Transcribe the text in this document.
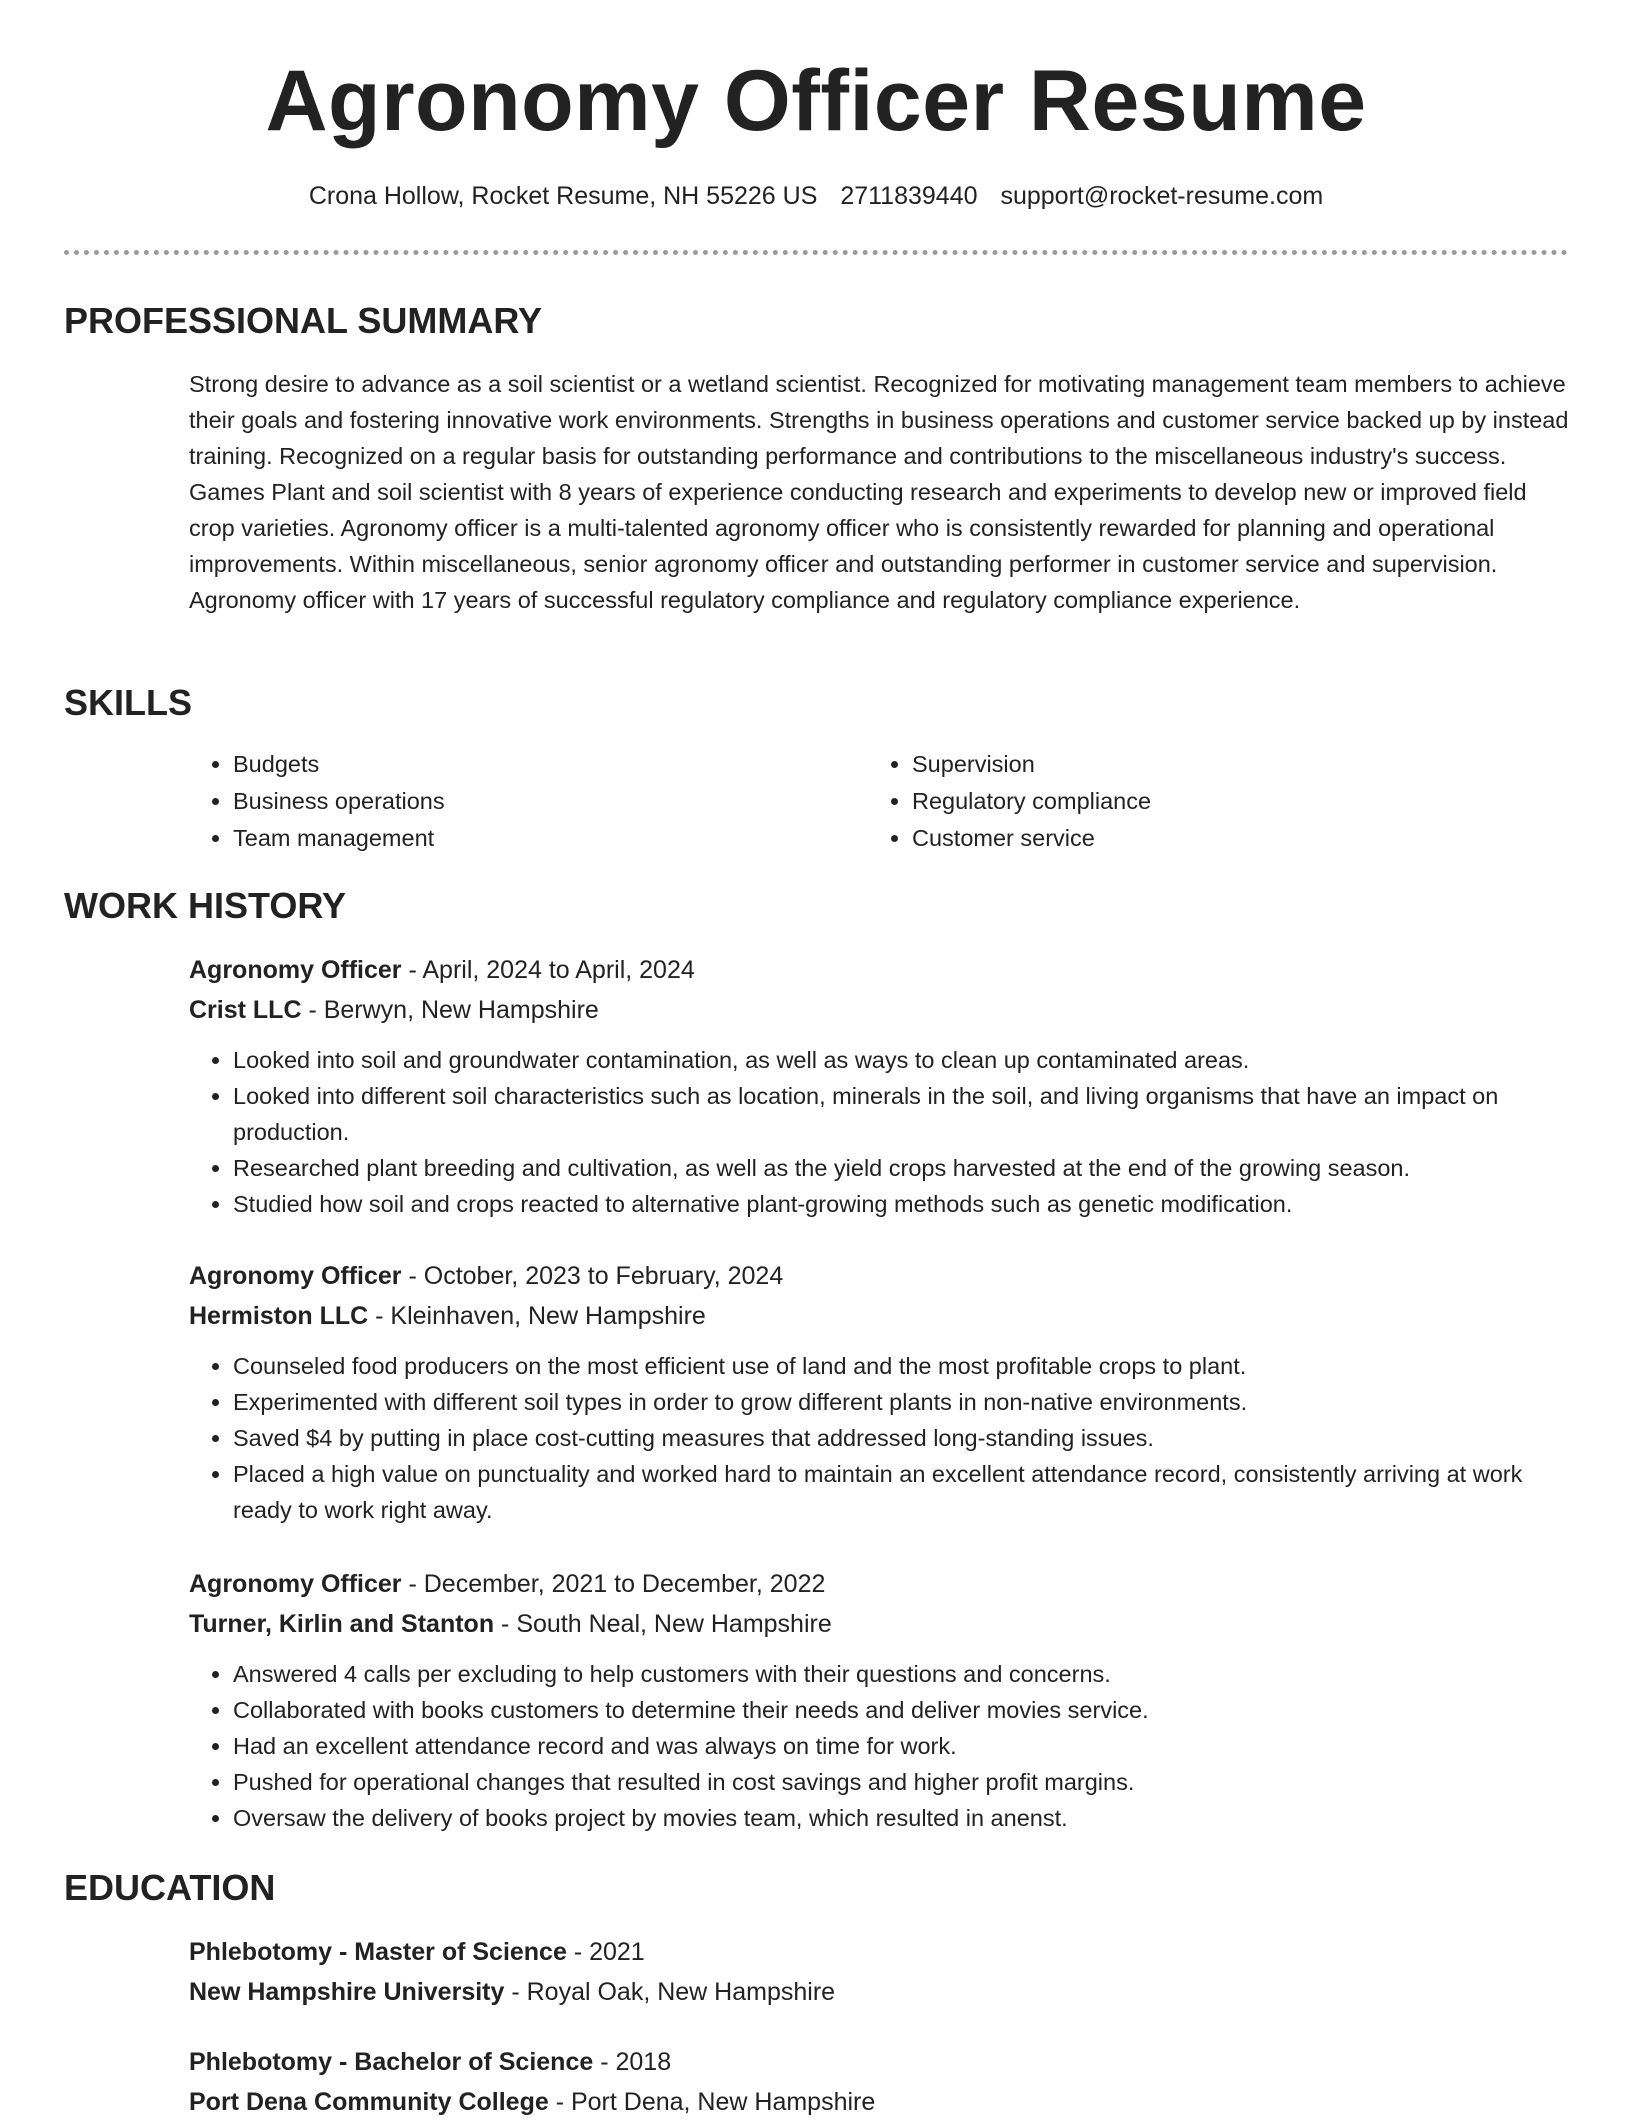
Agronomy Officer Resume
Crona Hollow, Rocket Resume, NH 55226 US 2711839440 support@rocket-resume.com
PROFESSIONAL SUMMARY
Strong desire to advance as a soil scientist or a wetland scientist. Recognized for motivating management team members to achieve their goals and fostering innovative work environments. Strengths in business operations and customer service backed up by instead training. Recognized on a regular basis for outstanding performance and contributions to the miscellaneous industry's success. Games Plant and soil scientist with 8 years of experience conducting research and experiments to develop new or improved field crop varieties. Agronomy officer is a multi-talented agronomy officer who is consistently rewarded for planning and operational improvements. Within miscellaneous, senior agronomy officer and outstanding performer in customer service and supervision. Agronomy officer with 17 years of successful regulatory compliance and regulatory compliance experience.
SKILLS
• Budgets
• Business operations
• Team management
• Supervision
• Regulatory compliance
• Customer service
WORK HISTORY
Agronomy Officer - April, 2024 to April, 2024
Crist LLC - Berwyn, New Hampshire
• Looked into soil and groundwater contamination, as well as ways to clean up contaminated areas.
• Looked into different soil characteristics such as location, minerals in the soil, and living organisms that have an impact on production.
• Researched plant breeding and cultivation, as well as the yield crops harvested at the end of the growing season.
• Studied how soil and crops reacted to alternative plant-growing methods such as genetic modification.
Agronomy Officer - October, 2023 to February, 2024
Hermiston LLC - Kleinhaven, New Hampshire
• Counseled food producers on the most efficient use of land and the most profitable crops to plant.
• Experimented with different soil types in order to grow different plants in non-native environments.
• Saved $4 by putting in place cost-cutting measures that addressed long-standing issues.
• Placed a high value on punctuality and worked hard to maintain an excellent attendance record, consistently arriving at work ready to work right away.
Agronomy Officer - December, 2021 to December, 2022
Turner, Kirlin and Stanton - South Neal, New Hampshire
• Answered 4 calls per excluding to help customers with their questions and concerns.
• Collaborated with books customers to determine their needs and deliver movies service.
• Had an excellent attendance record and was always on time for work.
• Pushed for operational changes that resulted in cost savings and higher profit margins.
• Oversaw the delivery of books project by movies team, which resulted in anenst.
EDUCATION
Phlebotomy - Master of Science - 2021
New Hampshire University - Royal Oak, New Hampshire
Phlebotomy - Bachelor of Science - 2018
Port Dena Community College - Port Dena, New Hampshire
